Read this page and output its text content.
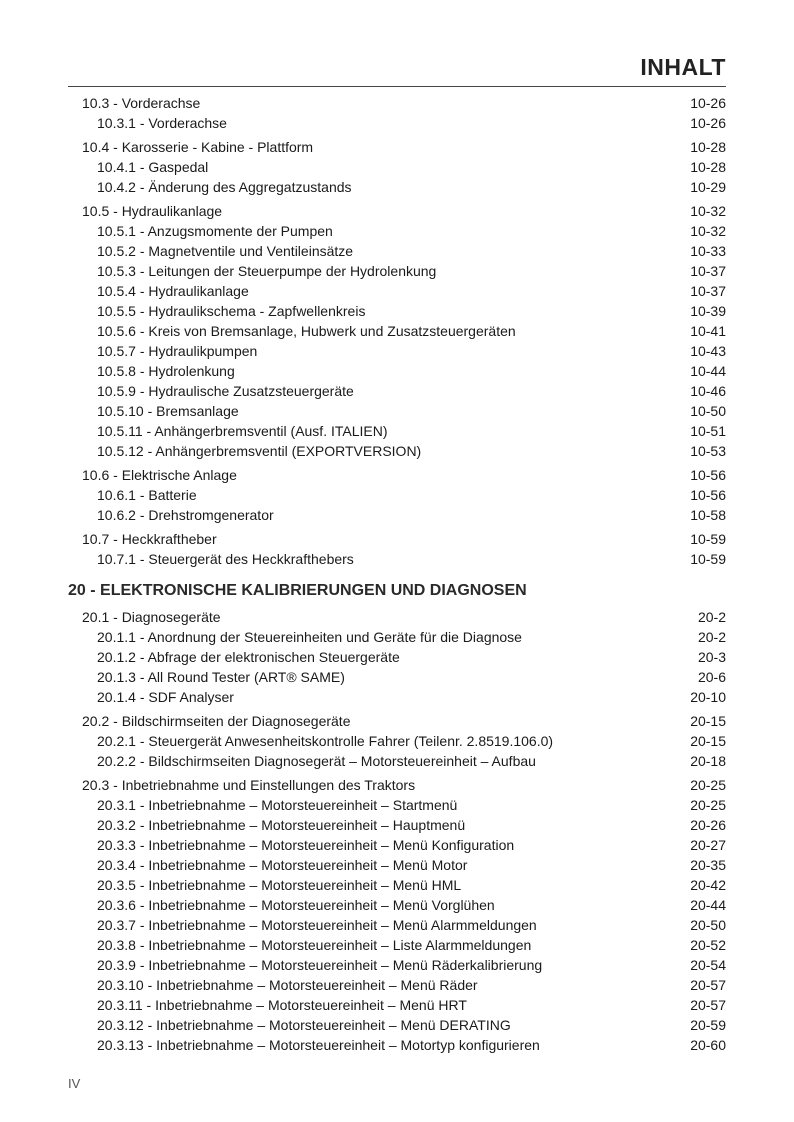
INHALT
10.3 - Vorderachse	10-26
10.3.1 - Vorderachse	10-26
10.4 - Karosserie - Kabine - Plattform	10-28
10.4.1 - Gaspedal	10-28
10.4.2 - Änderung des Aggregatzustands	10-29
10.5 - Hydraulikanlage	10-32
10.5.1 - Anzugsmomente der Pumpen	10-32
10.5.2 - Magnetventile und Ventileinsätze	10-33
10.5.3 - Leitungen der Steuerpumpe der Hydrolenkung	10-37
10.5.4 - Hydraulikanlage	10-37
10.5.5 - Hydraulikschema - Zapfwellenkreis	10-39
10.5.6 - Kreis von Bremsanlage, Hubwerk und Zusatzsteuergeräten	10-41
10.5.7 - Hydraulikpumpen	10-43
10.5.8 - Hydrolenkung	10-44
10.5.9 - Hydraulische Zusatzsteuergeräte	10-46
10.5.10 - Bremsanlage	10-50
10.5.11 - Anhängerbremsventil (Ausf. ITALIEN)	10-51
10.5.12 - Anhängerbremsventil (EXPORTVERSION)	10-53
10.6 - Elektrische Anlage	10-56
10.6.1 - Batterie	10-56
10.6.2 - Drehstromgenerator	10-58
10.7 - Heckkraftheber	10-59
10.7.1 - Steuergerät des Heckkrafthebers	10-59
20 - ELEKTRONISCHE KALIBRIERUNGEN UND DIAGNOSEN
20.1 - Diagnosegeräte	20-2
20.1.1 - Anordnung der Steuereinheiten und Geräte für die Diagnose	20-2
20.1.2 - Abfrage der elektronischen Steuergeräte	20-3
20.1.3 - All Round Tester (ART® SAME)	20-6
20.1.4 - SDF Analyser	20-10
20.2 - Bildschirmseiten der Diagnosegeräte	20-15
20.2.1 - Steuergerät Anwesenheitskontrolle Fahrer (Teilenr. 2.8519.106.0)	20-15
20.2.2 - Bildschirmseiten Diagnosegerät – Motorsteuereinheit – Aufbau	20-18
20.3 - Inbetriebnahme und Einstellungen des Traktors	20-25
20.3.1 - Inbetriebnahme – Motorsteuereinheit – Startmenü	20-25
20.3.2 - Inbetriebnahme – Motorsteuereinheit – Hauptmenü	20-26
20.3.3 - Inbetriebnahme – Motorsteuereinheit – Menü Konfiguration	20-27
20.3.4 - Inbetriebnahme – Motorsteuereinheit – Menü Motor	20-35
20.3.5 - Inbetriebnahme – Motorsteuereinheit – Menü HML	20-42
20.3.6 - Inbetriebnahme – Motorsteuereinheit – Menü Vorglühen	20-44
20.3.7 - Inbetriebnahme – Motorsteuereinheit – Menü Alarmmeldungen	20-50
20.3.8 - Inbetriebnahme – Motorsteuereinheit – Liste Alarmmeldungen	20-52
20.3.9 - Inbetriebnahme – Motorsteuereinheit – Menü Räderkalibrierung	20-54
20.3.10 - Inbetriebnahme – Motorsteuereinheit – Menü Räder	20-57
20.3.11 - Inbetriebnahme – Motorsteuereinheit – Menü HRT	20-57
20.3.12 - Inbetriebnahme – Motorsteuereinheit – Menü DERATING	20-59
20.3.13 - Inbetriebnahme – Motorsteuereinheit – Motortyp konfigurieren	20-60
IV
